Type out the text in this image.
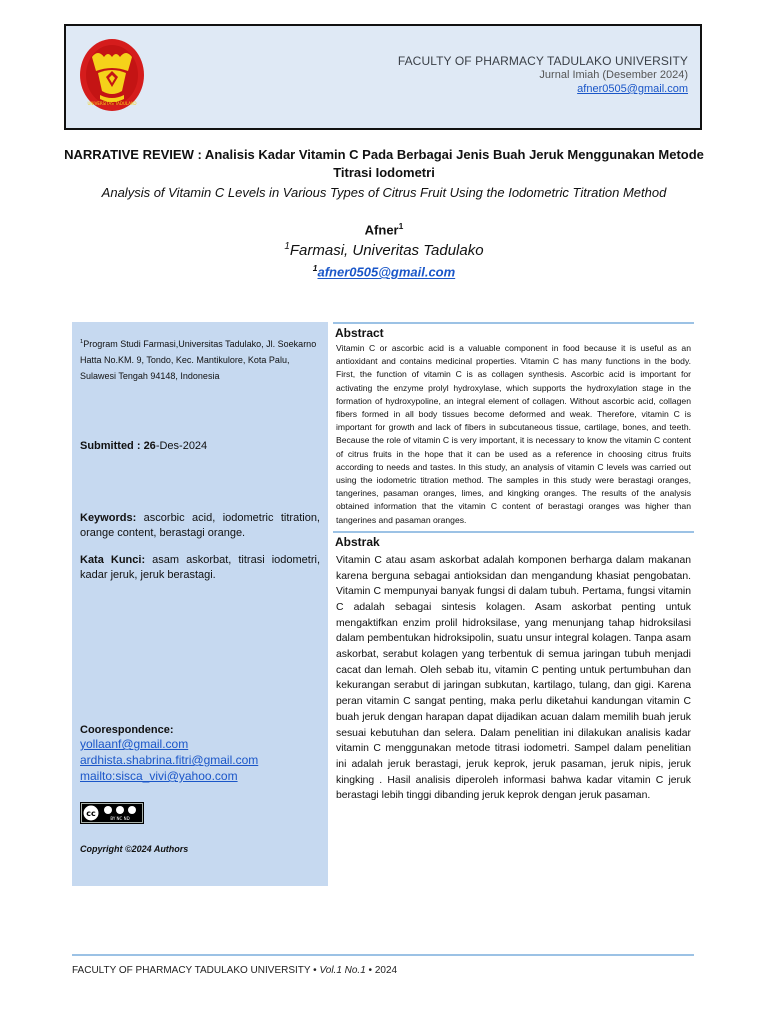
UNIVERSITAS TADULAKO
FACULTY OF PHARMACY TADULAKO UNIVERSITY
Jurnal Imiah (Desember 2024)
afner0505@gmail.com
NARRATIVE REVIEW : Analisis Kadar Vitamin C Pada Berbagai Jenis Buah Jeruk Menggunakan Metode Titrasi Iodometri
Analysis of Vitamin C Levels in Various Types of Citrus Fruit Using the Iodometric Titration Method
Afner$^1$
$^1$Farmasi, Univeritas Tadulako
$^1$afner0505@gmail.com
$^1$Program Studi Farmasi,Universitas Tadulako, Jl. Soekarno Hatta No.KM. 9, Tondo, Kec. Mantikulore, Kota Palu, Sulawesi Tengah 94148, Indonesia
Submitted : 26-Des-2024
Keywords: ascorbic acid, iodometric titration, orange content, berastagi orange.
Kata Kunci: asam askorbat, titrasi iodometri, kadar jeruk, jeruk berastagi.
Coorespondence:
yollaanf@gmail.com
ardhista.shabrina.fitri@gmail.com
mailto:sisca_vivi@yahoo.com
cc
BY NC ND
Copyright ©2024 Authors
Abstract
Vitamin C or ascorbic acid is a valuable component in food because it is useful as an antioxidant and contains medicinal properties. Vitamin C has many functions in the body. First, the function of vitamin C is as collagen synthesis. Ascorbic acid is important for activating the enzyme prolyl hydroxylase, which supports the hydroxylation stage in the formation of hydroxypoline, an integral element of collagen. Without ascorbic acid, collagen fibers formed in all body tissues become deformed and weak. Therefore, vitamin C is important for growth and lack of fibers in subcutaneous tissue, cartilage, bones, and teeth. Because the role of vitamin C is very important, it is necessary to know the vitamin C content of citrus fruits in the hope that it can be used as a reference in choosing citrus fruits according to needs and tastes. In this study, an analysis of vitamin C levels was carried out using the iodometric titration method. The samples in this study were berastagi oranges, tangerines, pasaman oranges, limes, and kingking oranges. The results of the analysis obtained information that the vitamin C content of berastagi oranges was higher than tangerines and pasaman oranges.
Abstrak
Vitamin C atau asam askorbat adalah komponen berharga dalam makanan karena berguna sebagai antioksidan dan mengandung khasiat pengobatan. Vitamin C mempunyai banyak fungsi di dalam tubuh. Pertama, fungsi vitamin C adalah sebagai sintesis kolagen. Asam askorbat penting untuk mengaktifkan enzim prolil hidroksilase, yang menunjang tahap hidroksilasi dalam pembentukan hidroksipolin, suatu unsur integral kolagen. Tanpa asam askorbat, serabut kolagen yang terbentuk di semua jaringan tubuh menjadi cacat dan lemah. Oleh sebab itu, vitamin C penting untuk pertumbuhan dan kekurangan serabut di jaringan subkutan, kartilago, tulang, dan gigi. Karena peran vitamin C sangat penting, maka perlu diketahui kandungan vitamin C buah jeruk dengan harapan dapat dijadikan acuan dalam memilih buah jeruk sesuai kebutuhan dan selera. Dalam penelitian ini dilakukan analisis kadar vitamin C menggunakan metode titrasi iodometri. Sampel dalam penelitian ini adalah jeruk berastagi, jeruk keprok, jeruk pasaman, jeruk nipis, jeruk kingking . Hasil analisis diperoleh informasi bahwa kadar vitamin C jeruk berastagi lebih tinggi dibanding jeruk keprok dengan jeruk pasaman.
FACULTY OF PHARMACY TADULAKO UNIVERSITY • Vol.1 No.1 • 2024
